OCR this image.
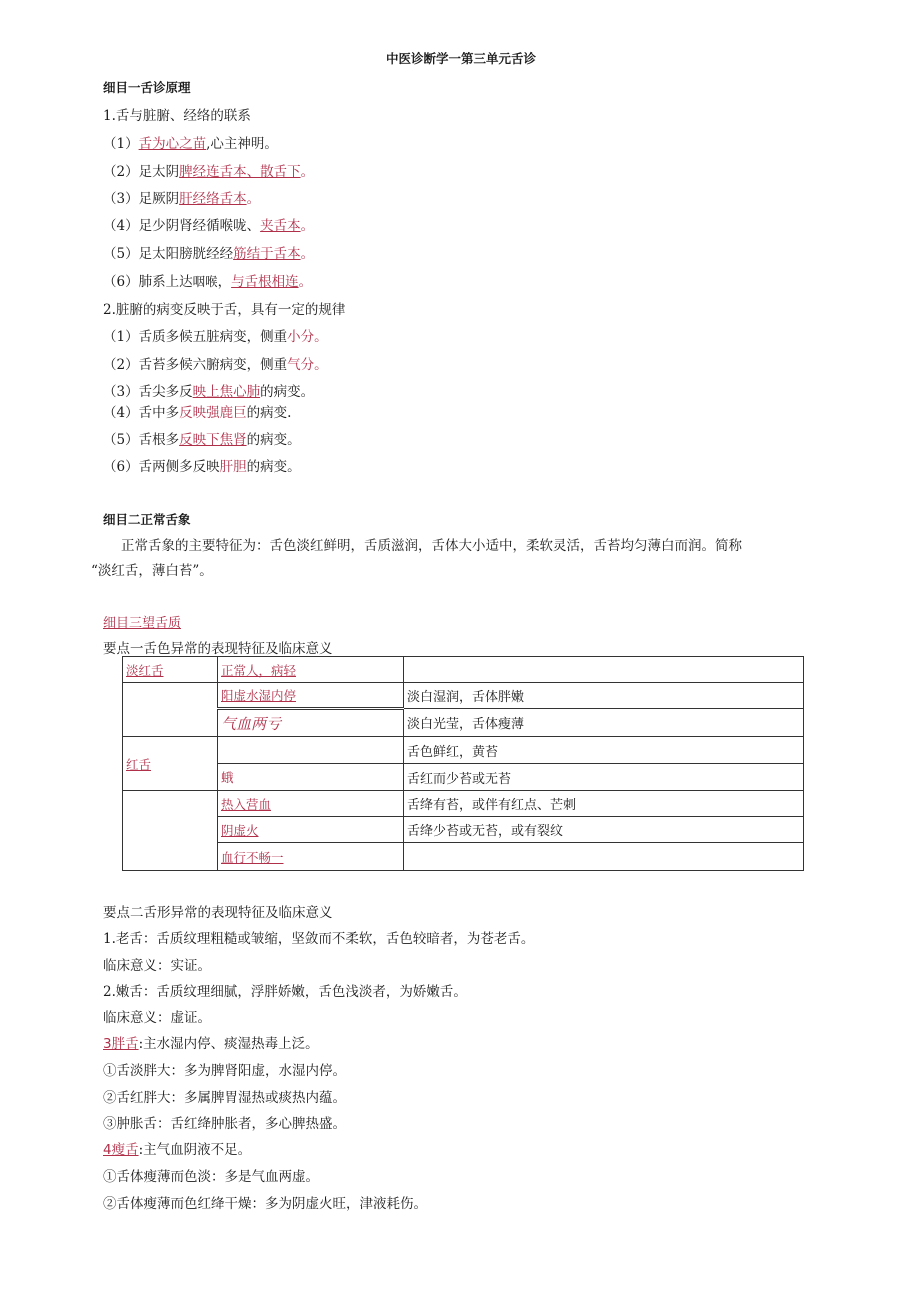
中医诊断学一第三单元舌诊
细目一舌诊原理
1.舌与脏腑、经络的联系
（1）舌为心之苗,心主神明。
（2）足太阴脾经连舌本、散舌下。
（3）足厥阴肝经络舌本。
（4）足少阴肾经循喉咙、夹舌本。
（5）足太阳膀胱经经筋结于舌本。
（6）肺系上达咽喉，与舌根相连。
2.脏腑的病变反映于舌，具有一定的规律
（1）舌质多候五脏病变，侧重小分。
（2）舌苔多候六腑病变，侧重气分。
（3）舌尖多反映上焦心肺的病变。
（4）舌中多反映强鹿巨的病变.
（5）舌根多反映下焦肾的病变。
（6）舌两侧多反映肝胆的病变。
细目二正常舌象
正常舌象的主要特征为：舌色淡红鲜明，舌质滋润，舌体大小适中，柔软灵活，舌苔均匀薄白而润。简称
“淡红舌，薄白苔”。
细目三望舌质
要点一舌色异常的表现特征及临床意义
淡红舌	正常人，病轻	
	阳虚水湿内停	淡白湿润，舌体胖嫩
	气血两亏	淡白光莹，舌体瘦薄
红舌		舌色鲜红，黄苔
	蛾	舌红而少苔或无苔
	热入营血	舌绛有苔，或伴有红点、芒刺
	阴虚火	舌绛少苔或无苔，或有裂纹
	血行不畅一	
要点二舌形异常的表现特征及临床意义
1.老舌：舌质纹理粗糙或皱缩，坚敛而不柔软，舌色较暗者，为苍老舌。
临床意义：实证。
2.嫩舌：舌质纹理细腻，浮胖娇嫩，舌色浅淡者，为娇嫩舌。
临床意义：虚证。
3胖舌:主水湿内停、痰湿热毒上泛。
①舌淡胖大：多为脾肾阳虚，水湿内停。
②舌红胖大：多属脾胃湿热或痰热内蕴。
③肿胀舌：舌红绛肿胀者，多心脾热盛。
4瘦舌:主气血阴液不足。
①舌体瘦薄而色淡：多是气血两虚。
②舌体瘦薄而色红绛干燥：多为阴虚火旺，津液耗伤。
